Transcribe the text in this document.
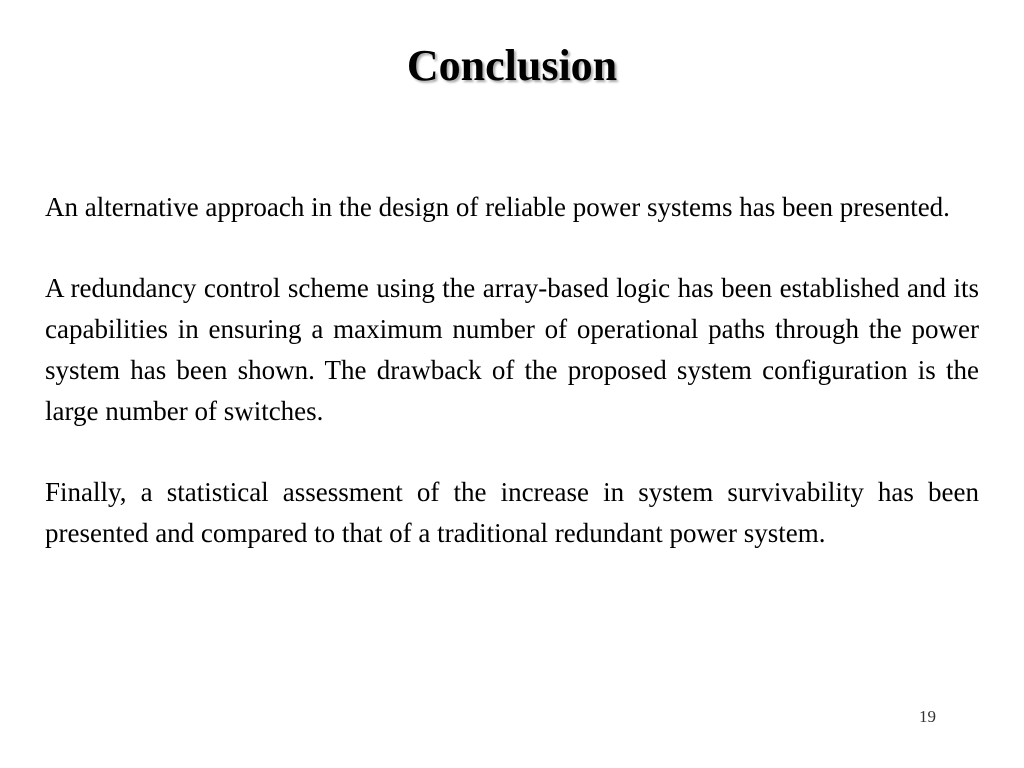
Conclusion

An alternative approach in the design of reliable power systems has been presented.

A redundancy control scheme using the array-based logic has been established and its capabilities in ensuring a maximum number of operational paths through the power system has been shown. The drawback of the proposed system configuration is the large number of switches.

Finally, a statistical assessment of the increase in system survivability has been presented and compared to that of a traditional redundant power system.

19
